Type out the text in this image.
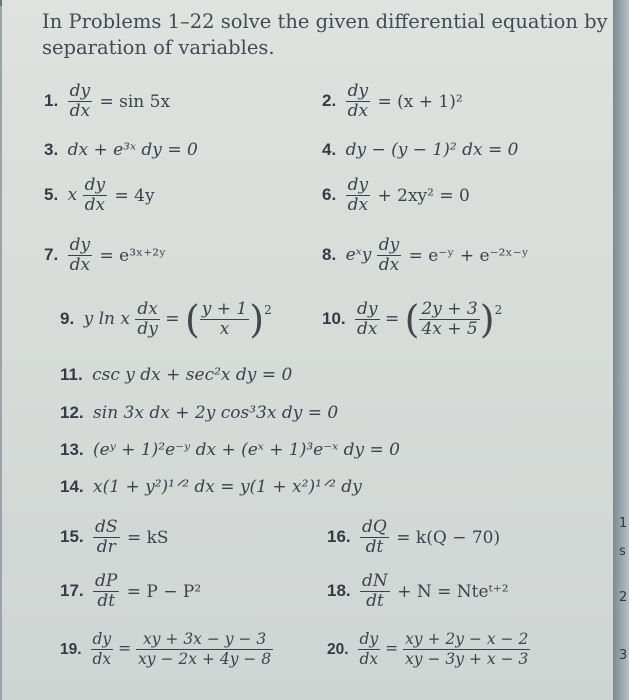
In Problems 1–22 solve the given differential equation by separation of variables.
1. $\frac{dy}{dx} = \sin 5x$	2. $\frac{dy}{dx} = (x + 1)^2$
3. dx + e³ˣ dy = 0	4. dy − (y − 1)² dx = 0
5. x $\frac{dy}{dx} = 4y$	6. $\frac{dy}{dx} + 2xy^2 = 0$
7. $\frac{dy}{dx}$ = e³ˣ⁺²ʸ	8. eˣy $\frac{dy}{dx}$ = e⁻ʸ + e⁻²ˣ⁻ʸ
9. y ln x $\frac{dx}{dy}$ = ( $\frac{y + 1}{x} )^2$	10. $\frac{dy}{dx}$ = ( $\frac{2y + 3}{4x + 5} )^2$
11. csc y dx + sec²x dy = 0
12. sin 3x dx + 2y cos³3x dy = 0
13. (eʸ + 1)²e⁻ʸ dx + (eˣ + 1)³e⁻ˣ dy = 0
14. x(1 + y²)¹ᐟ² dx = y(1 + x²)¹ᐟ² dy
15. $\frac{dS}{dr}$ = kS	16. $\frac{dQ}{dt} = k(Q - 70)$
17. $\frac{dP}{dt} = P - P^2$	18. $\frac{dN}{dt} + N$ = Nteᵗ⁺²
19. $\frac{dy}{dx} = \frac{xy + 3x - y - 3}{xy - 2x + 4y - 8}$	20. $\frac{dy}{dx} = \frac{xy + 2y - x - 2}{xy - 3y + x - 3}$
1
s
2
3
